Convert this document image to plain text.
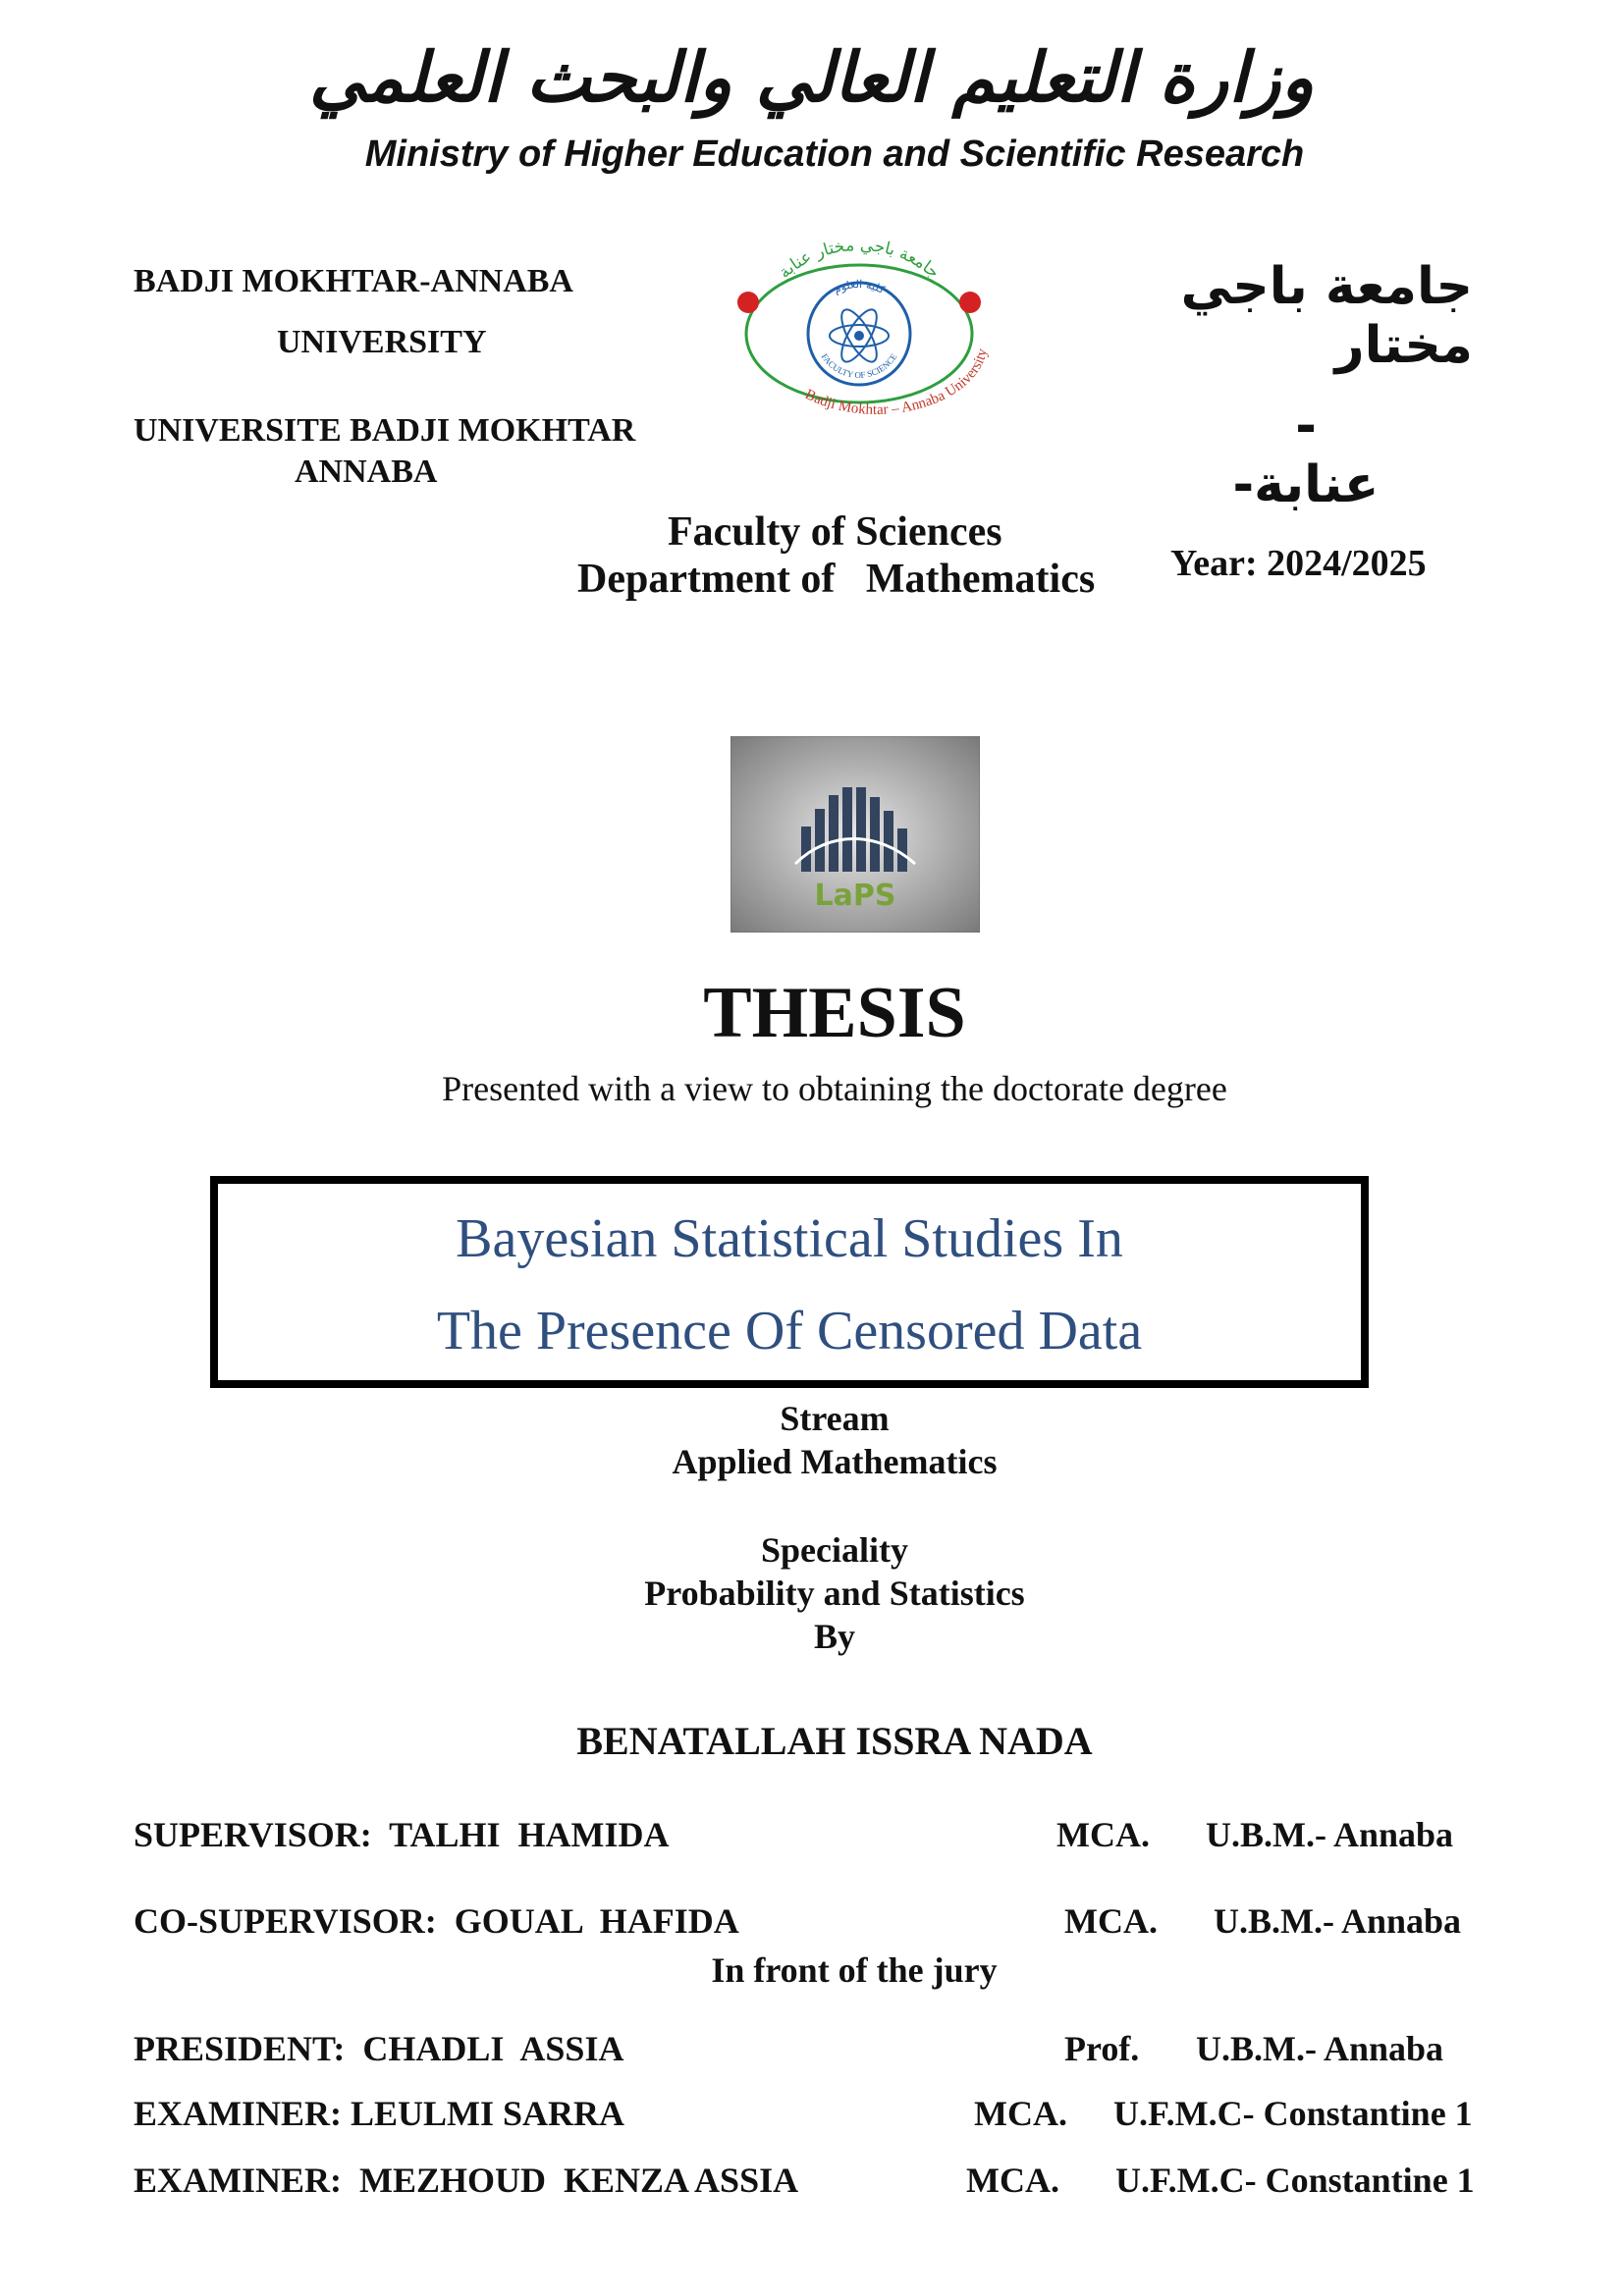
وزارة التعليم العالي والبحث العلمي
Ministry of Higher Education and Scientific Research
BADJI MOKHTAR-ANNABA
UNIVERSITY
UNIVERSITE BADJI MOKHTAR
ANNABA
جامعة باجي مختار
- عنابة-
جامعة باجي مختار عنابة
Badji Mokhtar – Annaba University
كلية العلوم
FACULTY OF SCIENCE
Faculty of Sciences
Department of   Mathematics Year: 2024/2025
LaPS
THESIS
Presented with a view to obtaining the doctorate degree
Bayesian Statistical Studies In
The Presence Of Censored Data
Stream
Applied Mathematics
Speciality
Probability and Statistics
By
BENATALLAH ISSRA NADA
SUPERVISOR:  TALHI  HAMIDA	MCA. U.B.M.- Annaba
CO-SUPERVISOR:  GOUAL  HAFIDA	MCA. U.B.M.- Annaba
In front of the jury
PRESIDENT:  CHADLI  ASSIA	Prof. U.B.M.- Annaba
EXAMINER: LEULMI SARRA	MCA. U.F.M.C- Constantine 1
EXAMINER:  MEZHOUD  KENZA ASSIA	MCA. U.F.M.C- Constantine 1
